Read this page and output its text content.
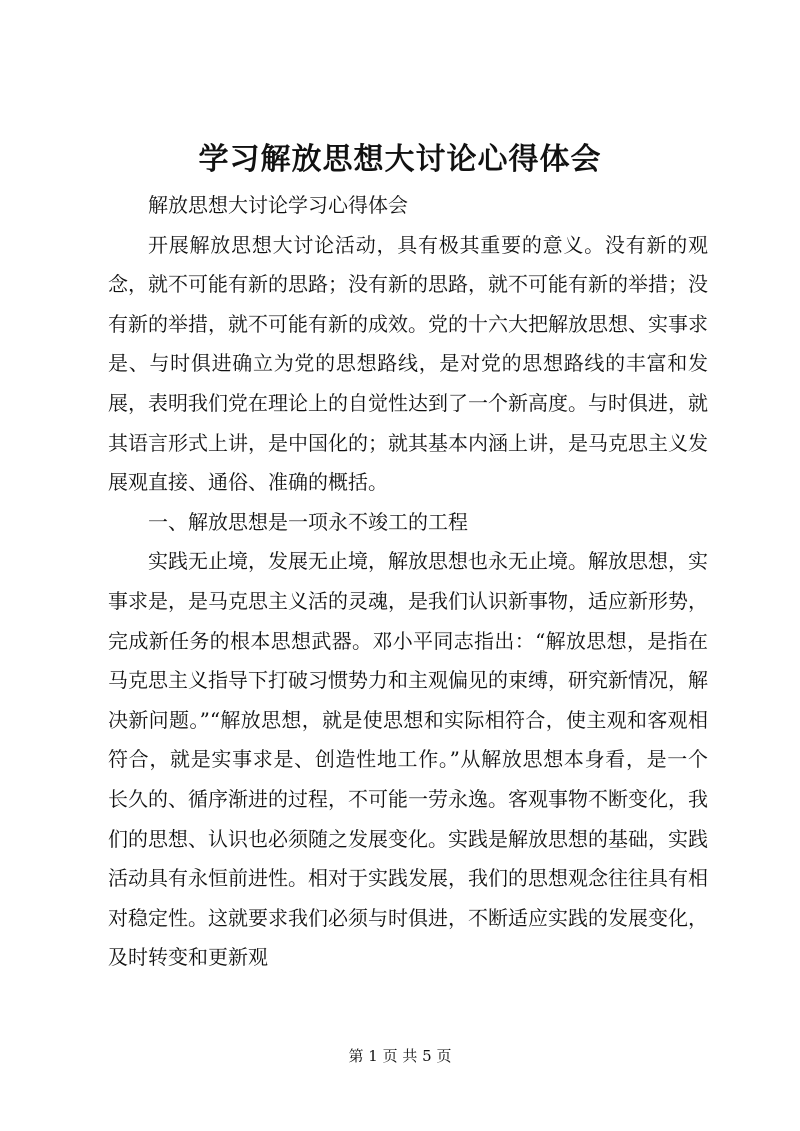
学习解放思想大讨论心得体会

解放思想大讨论学习心得体会

开展解放思想大讨论活动，具有极其重要的意义。没有新的观念，就不可能有新的思路；没有新的思路，就不可能有新的举措；没有新的举措，就不可能有新的成效。党的十六大把解放思想、实事求是、与时俱进确立为党的思想路线，是对党的思想路线的丰富和发展，表明我们党在理论上的自觉性达到了一个新高度。与时俱进，就其语言形式上讲，是中国化的；就其基本内涵上讲，是马克思主义发展观直接、通俗、准确的概括。

一、解放思想是一项永不竣工的工程

实践无止境，发展无止境，解放思想也永无止境。解放思想，实事求是，是马克思主义活的灵魂，是我们认识新事物，适应新形势，完成新任务的根本思想武器。邓小平同志指出：“解放思想，是指在马克思主义指导下打破习惯势力和主观偏见的束缚，研究新情况，解决新问题。”“解放思想，就是使思想和实际相符合，使主观和客观相符合，就是实事求是、创造性地工作。”从解放思想本身看，是一个长久的、循序渐进的过程，不可能一劳永逸。客观事物不断变化，我们的思想、认识也必须随之发展变化。实践是解放思想的基础，实践活动具有永恒前进性。相对于实践发展，我们的思想观念往往具有相对稳定性。这就要求我们必须与时俱进，不断适应实践的发展变化，及时转变和更新观

第 1 页 共 5 页
